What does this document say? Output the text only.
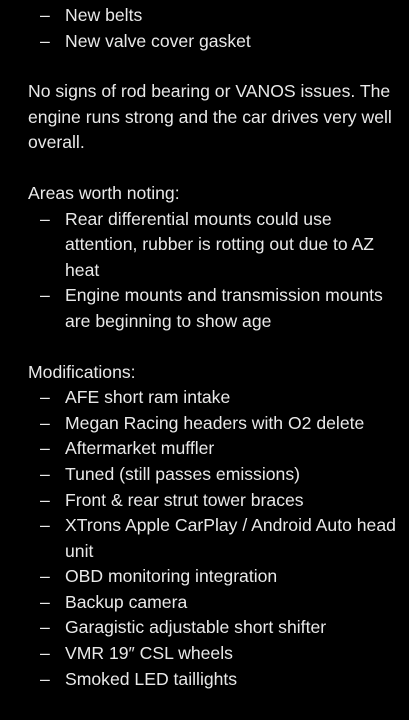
– New belts
– New valve cover gasket

No signs of rod bearing or VANOS issues. The engine runs strong and the car drives very well overall.

Areas worth noting:

– Rear differential mounts could use attention, rubber is rotting out due to AZ heat
– Engine mounts and transmission mounts are beginning to show age

Modifications:

– AFE short ram intake
– Megan Racing headers with O2 delete
– Aftermarket muffler
– Tuned (still passes emissions)
– Front & rear strut tower braces
– XTrons Apple CarPlay / Android Auto head unit
– OBD monitoring integration
– Backup camera
– Garagistic adjustable short shifter
– VMR 19″ CSL wheels
– Smoked LED taillights
